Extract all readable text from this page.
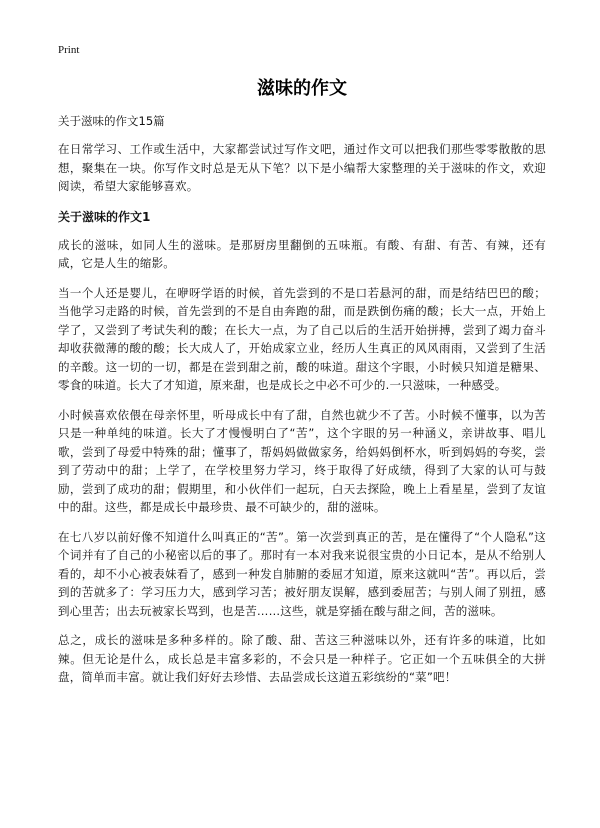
Print
滋味的作文

关于滋味的作文15篇

在日常学习、工作或生活中，大家都尝试过写作文吧，通过作文可以把我们那些零零散散的思想，聚集在一块。你写作文时总是无从下笔？以下是小编帮大家整理的关于滋味的作文，欢迎阅读，希望大家能够喜欢。

关于滋味的作文1

成长的滋味，如同人生的滋味。是那厨房里翻倒的五味瓶。有酸、有甜、有苦、有辣，还有咸，它是人生的缩影。

当一个人还是婴儿，在咿呀学语的时候，首先尝到的不是口若悬河的甜，而是结结巴巴的酸；当他学习走路的时候，首先尝到的不是自由奔跑的甜，而是跌倒伤痛的酸；长大一点，开始上学了，又尝到了考试失利的酸；在长大一点，为了自己以后的生活开始拼搏，尝到了竭力奋斗却收获微薄的酸的酸；长大成人了，开始成家立业，经历人生真正的风风雨雨，又尝到了生活的辛酸。这一切的一切，都是在尝到甜之前，酸的味道。甜这个字眼，小时候只知道是糖果、零食的味道。长大了才知道，原来甜，也是成长之中必不可少的.一只滋味，一种感受。

小时候喜欢依偎在母亲怀里，听母成长中有了甜，自然也就少不了苦。小时候不懂事，以为苦只是一种单纯的味道。长大了才慢慢明白了“苦”，这个字眼的另一种涵义，亲讲故事、唱儿歌，尝到了母爱中特殊的甜；懂事了，帮妈妈做做家务，给妈妈倒杯水，听到妈妈的夸奖，尝到了劳动中的甜；上学了，在学校里努力学习，终于取得了好成绩，得到了大家的认可与鼓励，尝到了成功的甜；假期里，和小伙伴们一起玩，白天去探险，晚上上看星星，尝到了友谊中的甜。这些，都是成长中最珍贵、最不可缺少的，甜的滋味。

在七八岁以前好像不知道什么叫真正的“苦”。第一次尝到真正的苦，是在懂得了“个人隐私”这个词并有了自己的小秘密以后的事了。那时有一本对我来说很宝贵的小日记本，是从不给别人看的，却不小心被表妹看了，感到一种发自肺腑的委屈才知道，原来这就叫“苦”。再以后，尝到的苦就多了：学习压力大，感到学习苦；被好朋友误解，感到委屈苦；与别人闹了别扭，感到心里苦；出去玩被家长骂到，也是苦……这些，就是穿插在酸与甜之间，苦的滋味。

总之，成长的滋味是多种多样的。除了酸、甜、苦这三种滋味以外，还有许多的味道，比如辣。但无论是什么，成长总是丰富多彩的，不会只是一种样子。它正如一个五味俱全的大拼盘，简单而丰富。就让我们好好去珍惜、去品尝成长这道五彩缤纷的“菜”吧！
